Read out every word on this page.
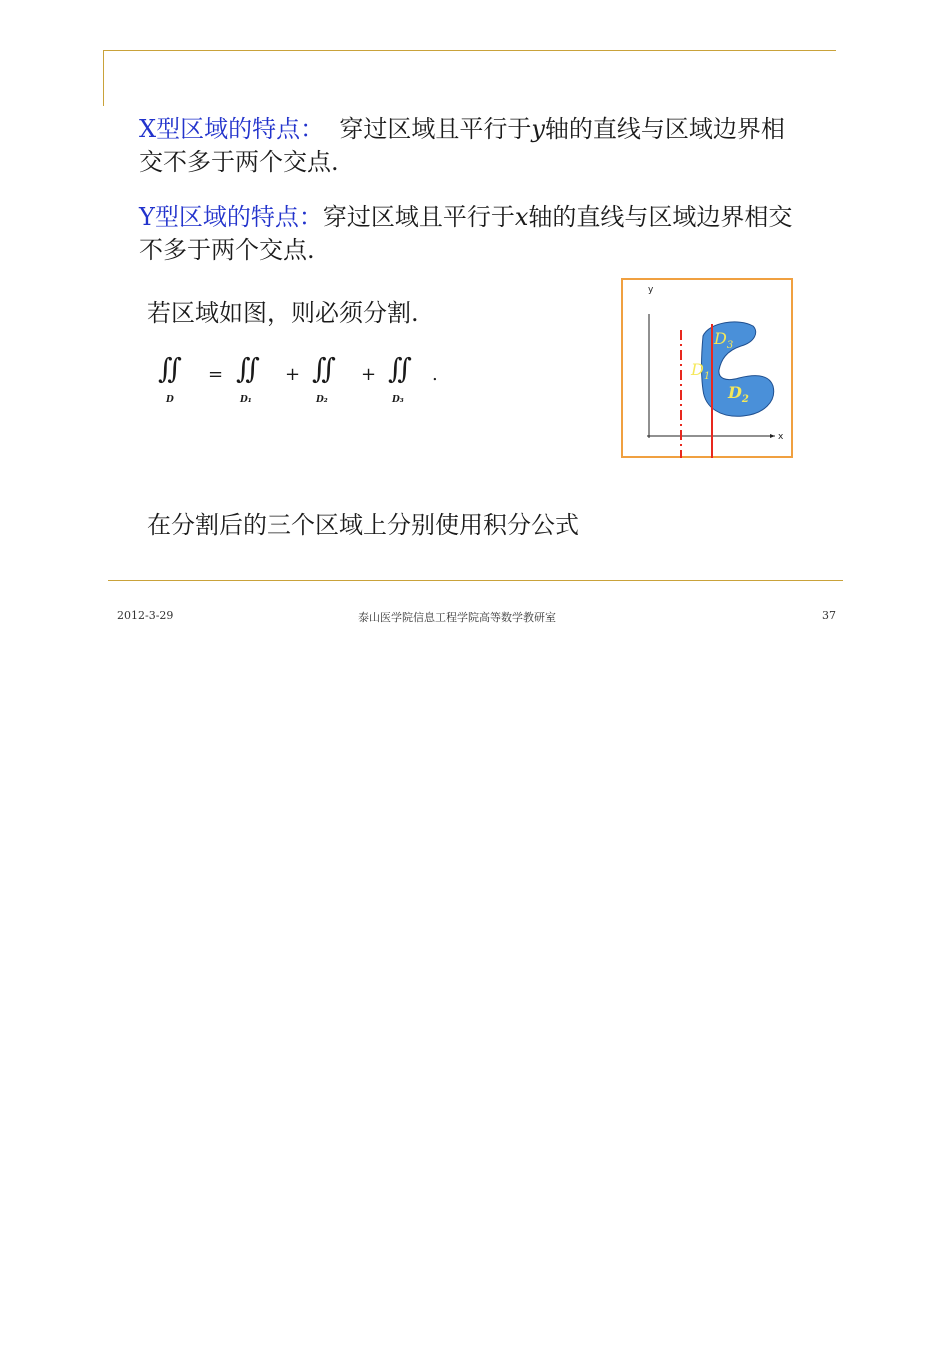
X型区域的特点： 穿过区域且平行于y轴的直线与区域边界相交不多于两个交点.
Y型区域的特点：穿过区域且平行于x轴的直线与区域边界相交不多于两个交点.
若区域如图，则必须分割.
∬
D
= ∬
D₁
+ ∬
D₂
+ ∬
D₃
.
y
x
$D_3$
$D_1$
$D_2$
在分割后的三个区域上分别使用积分公式
2012-3-29	泰山医学院信息工程学院高等数学教研室	37
